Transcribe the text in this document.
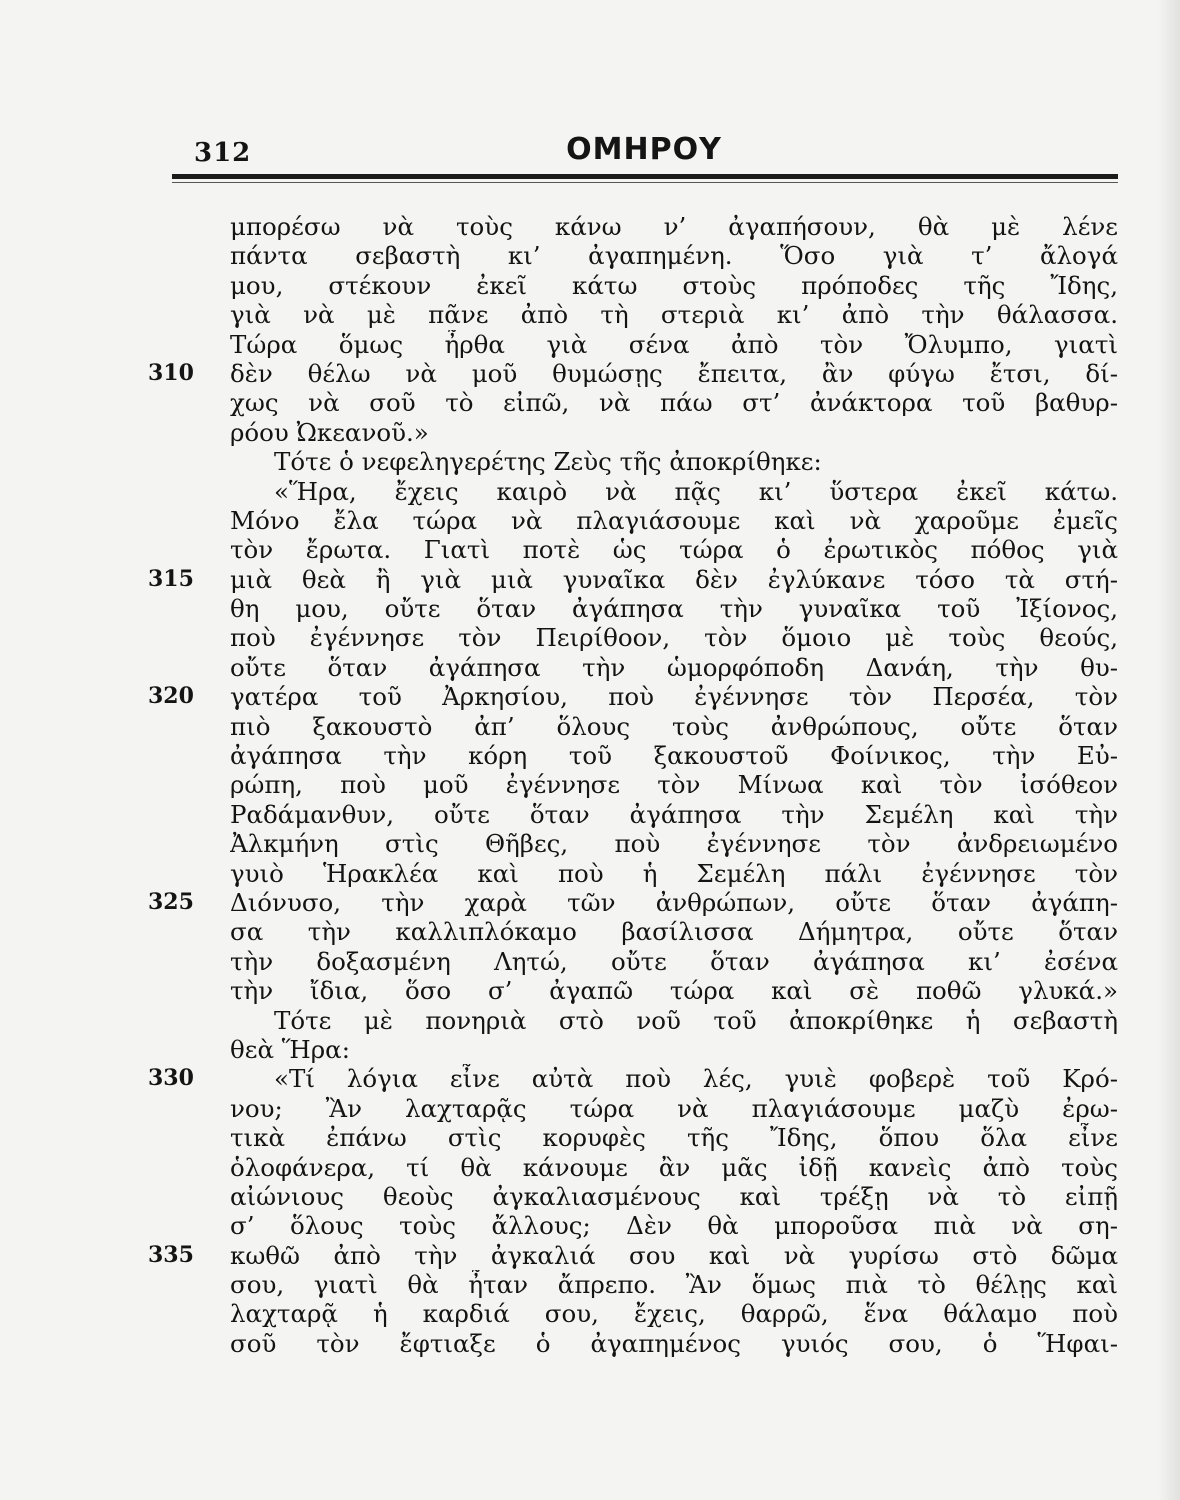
312	ΟΜΗΡΟΥ
μπορέσω νὰ τοὺς κάνω ν’ ἀγαπήσουν, θὰ μὲ λένε
πάντα σεβαστὴ κι’ ἀγαπημένη. Ὅσο γιὰ τ’ ἄλογά
μου, στέκουν ἐκεῖ κάτω στοὺς πρόποδες τῆς Ἴδης,
γιὰ νὰ μὲ πᾶνε ἀπὸ τὴ στεριὰ κι’ ἀπὸ τὴν θάλασσα.
Τώρα ὅμως ἦρθα γιὰ σένα ἀπὸ τὸν Ὄλυμπο, γιατὶ
310	δὲν θέλω νὰ μοῦ θυμώσῃς ἔπειτα, ἂν φύγω ἔτσι, δί-
χως νὰ σοῦ τὸ εἰπῶ, νὰ πάω στ’ ἀνάκτορα τοῦ βαθυρ-
ρόου Ὠκεανοῦ.»
Τότε ὁ νεφεληγερέτης Ζεὺς τῆς ἀποκρίθηκε:
«Ἥρα, ἔχεις καιρὸ νὰ πᾷς κι’ ὕστερα ἐκεῖ κάτω.
Μόνο ἔλα τώρα νὰ πλαγιάσουμε καὶ νὰ χαροῦμε ἐμεῖς
τὸν ἔρωτα. Γιατὶ ποτὲ ὡς τώρα ὁ ἐρωτικὸς πόθος γιὰ
315	μιὰ θεὰ ἢ γιὰ μιὰ γυναῖκα δὲν ἐγλύκανε τόσο τὰ στή-
θη μου, οὔτε ὅταν ἀγάπησα τὴν γυναῖκα τοῦ Ἰξίονος,
ποὺ ἐγέννησε τὸν Πειρίθοον, τὸν ὅμοιο μὲ τοὺς θεούς,
οὔτε ὅταν ἀγάπησα τὴν ὡμορφόποδη Δανάη, τὴν θυ-
320	γατέρα τοῦ Ἀρκησίου, ποὺ ἐγέννησε τὸν Περσέα, τὸν
πιὸ ξακουστὸ ἀπ’ ὅλους τοὺς ἀνθρώπους, οὔτε ὅταν
ἀγάπησα τὴν κόρη τοῦ ξακουστοῦ Φοίνικος, τὴν Εὐ-
ρώπη, ποὺ μοῦ ἐγέννησε τὸν Μίνωα καὶ τὸν ἰσόθεον
Ραδάμανθυν, οὔτε ὅταν ἀγάπησα τὴν Σεμέλη καὶ τὴν
Ἀλκμήνη στὶς Θῆβες, ποὺ ἐγέννησε τὸν ἀνδρειωμένο
γυιὸ Ἡρακλέα καὶ ποὺ ἡ Σεμέλη πάλι ἐγέννησε τὸν
325	Διόνυσο, τὴν χαρὰ τῶν ἀνθρώπων, οὔτε ὅταν ἀγάπη-
σα τὴν καλλιπλόκαμο βασίλισσα Δήμητρα, οὔτε ὅταν
τὴν δοξασμένη Λητώ, οὔτε ὅταν ἀγάπησα κι’ ἐσένα
τὴν ἴδια, ὅσο σ’ ἀγαπῶ τώρα καὶ σὲ ποθῶ γλυκά.»
Τότε μὲ πονηριὰ στὸ νοῦ τοῦ ἀποκρίθηκε ἡ σεβαστὴ
θεὰ Ἥρα:
330	«Τί λόγια εἶνε αὐτὰ ποὺ λές, γυιὲ φοβερὲ τοῦ Κρό-
νου; Ἂν λαχταρᾷς τώρα νὰ πλαγιάσουμε μαζὺ ἐρω-
τικὰ ἐπάνω στὶς κορυφὲς τῆς Ἴδης, ὅπου ὅλα εἶνε
ὁλοφάνερα, τί θὰ κάνουμε ἂν μᾶς ἰδῇ κανεὶς ἀπὸ τοὺς
αἰώνιους θεοὺς ἀγκαλιασμένους καὶ τρέξῃ νὰ τὸ εἰπῇ
σ’ ὅλους τοὺς ἄλλους; Δὲν θὰ μποροῦσα πιὰ νὰ ση-
335	κωθῶ ἀπὸ τὴν ἀγκαλιά σου καὶ νὰ γυρίσω στὸ δῶμα
σου, γιατὶ θὰ ἦταν ἄπρεπο. Ἂν ὅμως πιὰ τὸ θέλῃς καὶ
λαχταρᾷ ἡ καρδιά σου, ἔχεις, θαρρῶ, ἕνα θάλαμο ποὺ
σοῦ τὸν ἔφτιαξε ὁ ἀγαπημένος γυιός σου, ὁ Ἥφαι-
